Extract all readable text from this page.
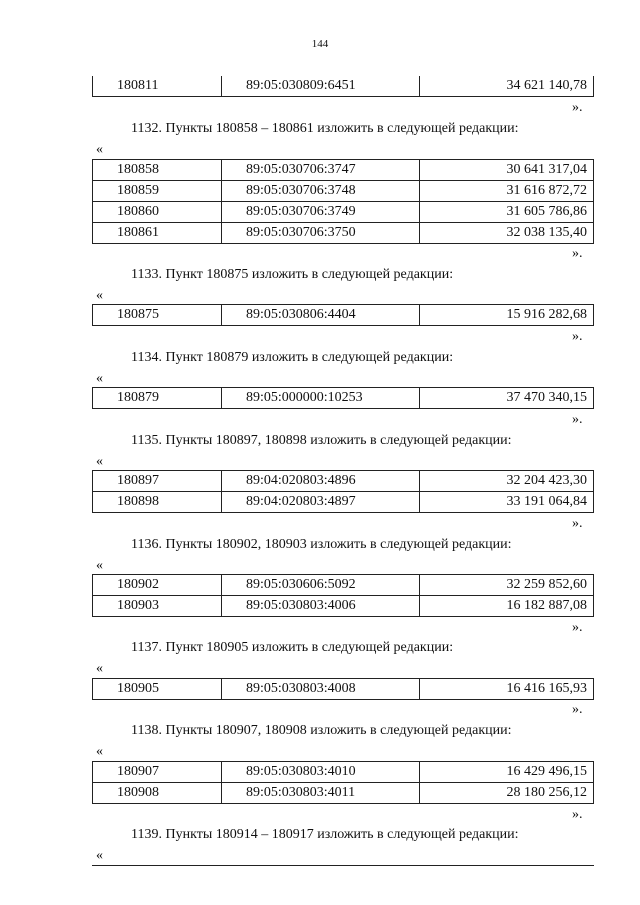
144
180811	89:05:030809:6451	34 621 140,78
».
1132. Пункты 180858 – 180861 изложить в следующей редакции:
«
180858	89:05:030706:3747	30 641 317,04
180859	89:05:030706:3748	31 616 872,72
180860	89:05:030706:3749	31 605 786,86
180861	89:05:030706:3750	32 038 135,40
».
1133. Пункт 180875 изложить в следующей редакции:
«
180875	89:05:030806:4404	15 916 282,68
».
1134. Пункт 180879 изложить в следующей редакции:
«
180879	89:05:000000:10253	37 470 340,15
».
1135. Пункты 180897, 180898 изложить в следующей редакции:
«
180897	89:04:020803:4896	32 204 423,30
180898	89:04:020803:4897	33 191 064,84
».
1136. Пункты 180902, 180903 изложить в следующей редакции:
«
180902	89:05:030606:5092	32 259 852,60
180903	89:05:030803:4006	16 182 887,08
».
1137. Пункт 180905 изложить в следующей редакции:
«
180905	89:05:030803:4008	16 416 165,93
».
1138. Пункты 180907, 180908 изложить в следующей редакции:
«
180907	89:05:030803:4010	16 429 496,15
180908	89:05:030803:4011	28 180 256,12
».
1139. Пункты 180914 – 180917 изложить в следующей редакции:
«
